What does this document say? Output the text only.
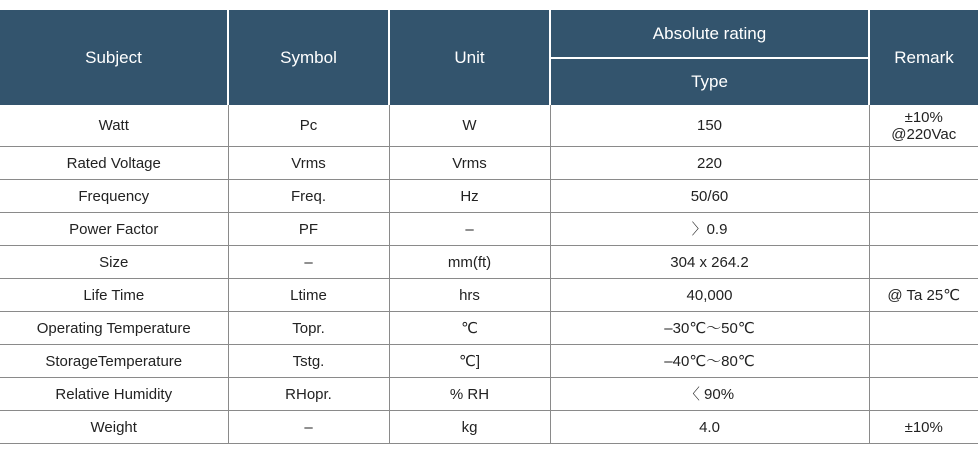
Subject	Symbol	Unit	Absolute rating	Remark
			Type	
Watt	Pc	W	150	±10%
@220Vac
Rated Voltage	Vrms	Vrms	220	
Frequency	Freq.	Hz	50/60	
Power Factor	PF	–	〉0.9	
Size	–	mm(ft)	304 x 264.2	
Life Time	Ltime	hrs	40,000	@ Ta 25℃
Operating Temperature	Topr.	℃	–30℃～50℃	
StorageTemperature	Tstg.	℃]	–40℃～80℃	
Relative Humidity	RHopr.	% RH	〈 90%	
Weight	–	kg	4.0	±10%
